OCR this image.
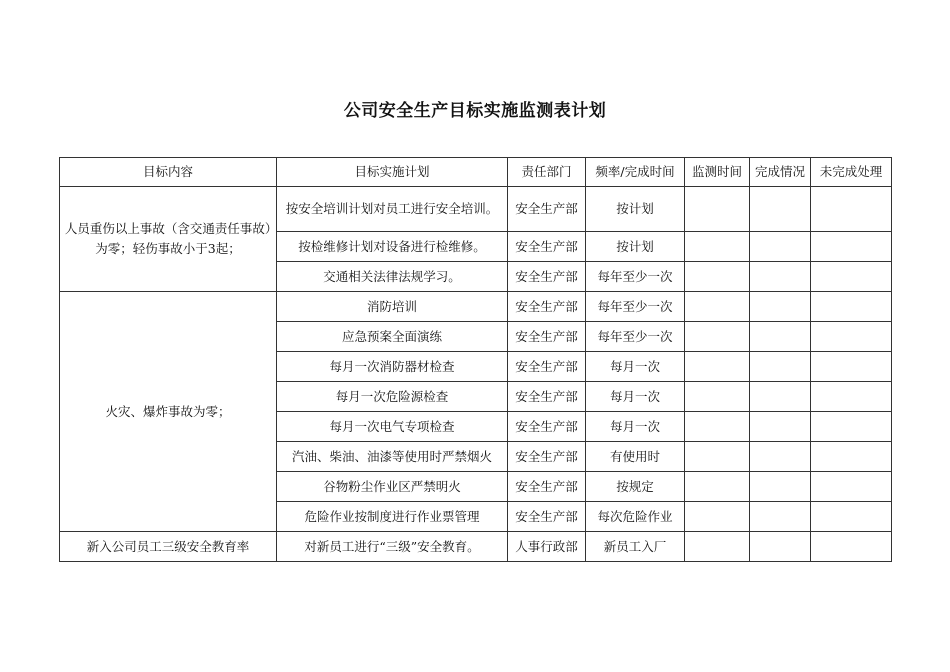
公司安全生产目标实施监测表计划
目标内容	目标实施计划	责任部门	频率/完成时间	监测时间	完成情况	未完成处理
人员重伤以上事故（含交通责任事故）为零；轻伤事故小于3起；	按安全培训计划对员工进行安全培训。	安全生产部	按计划			
	按检维修计划对设备进行检维修。	安全生产部	按计划			
	交通相关法律法规学习。	安全生产部	每年至少一次			
火灾、爆炸事故为零；	消防培训	安全生产部	每年至少一次			
	应急预案全面演练	安全生产部	每年至少一次			
	每月一次消防器材检查	安全生产部	每月一次			
	每月一次危险源检查	安全生产部	每月一次			
	每月一次电气专项检查	安全生产部	每月一次			
	汽油、柴油、油漆等使用时严禁烟火	安全生产部	有使用时			
	谷物粉尘作业区严禁明火	安全生产部	按规定			
	危险作业按制度进行作业票管理	安全生产部	每次危险作业			
新入公司员工三级安全教育率	对新员工进行“三级”安全教育。	人事行政部	新员工入厂			
